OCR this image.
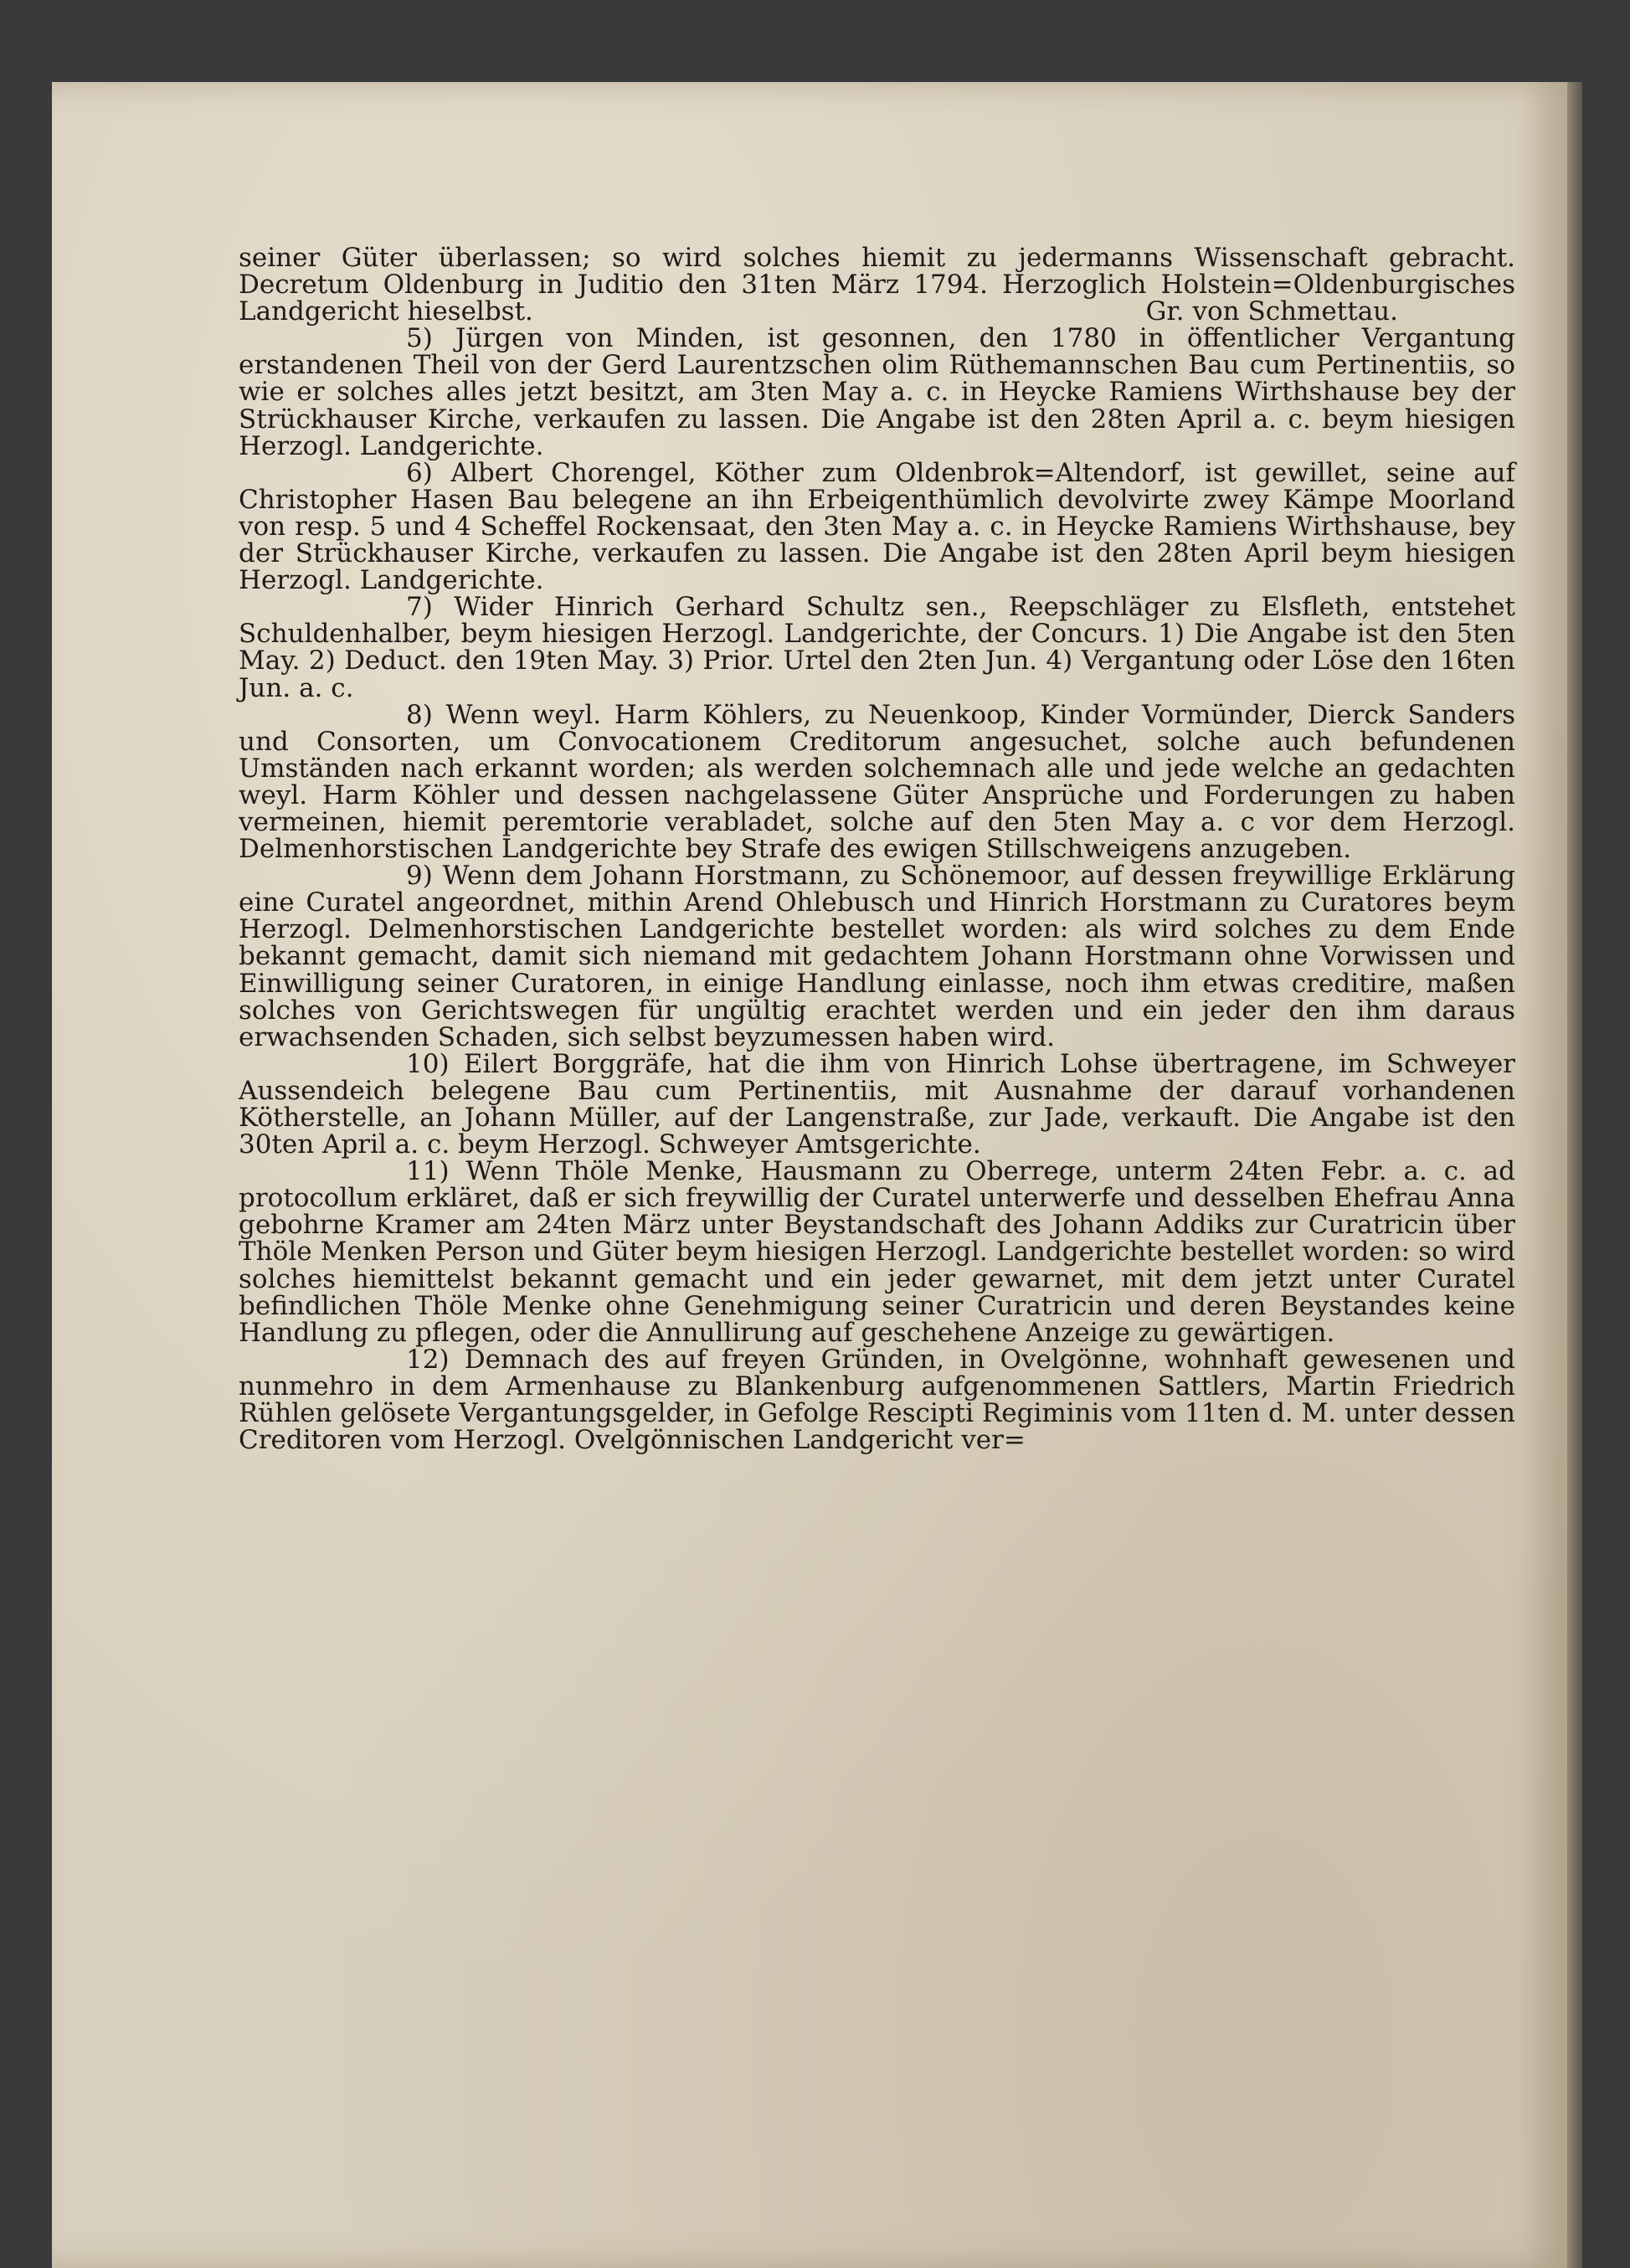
seiner Güter überlassen; so wird solches hiemit zu jedermanns Wissenschaft gebracht. Decretum Oldenburg in Juditio den 31ten März 1794. Herzoglich Holstein=Oldenburgisches Landgericht hieselbst.	Gr. von Schmettau.

5) Jürgen von Minden, ist gesonnen, den 1780 in öffentlicher Vergantung erstandenen Theil von der Gerd Laurentzschen olim Rüthemannschen Bau cum Pertinentiis, so wie er solches alles jetzt besitzt, am 3ten May a. c. in Heycke Ramiens Wirthshause bey der Strückhauser Kirche, verkaufen zu lassen. Die Angabe ist den 28ten April a. c. beym hiesigen Herzogl. Landgerichte.

6) Albert Chorengel, Köther zum Oldenbrok=Altendorf, ist gewillet, seine auf Christopher Hasen Bau belegene an ihn Erbeigenthümlich devolvirte zwey Kämpe Moorland von resp. 5 und 4 Scheffel Rockensaat, den 3ten May a. c. in Heycke Ramiens Wirthshause, bey der Strückhauser Kirche, verkaufen zu lassen. Die Angabe ist den 28ten April beym hiesigen Herzogl. Landgerichte.

7) Wider Hinrich Gerhard Schultz sen., Reepschläger zu Elsfleth, entstehet Schuldenhalber, beym hiesigen Herzogl. Landgerichte, der Concurs. 1) Die Angabe ist den 5ten May. 2) Deduct. den 19ten May. 3) Prior. Urtel den 2ten Jun. 4) Vergantung oder Löse den 16ten Jun. a. c.

8) Wenn weyl. Harm Köhlers, zu Neuenkoop, Kinder Vormünder, Dierck Sanders und Consorten, um Convocationem Creditorum angesuchet, solche auch befundenen Umständen nach erkannt worden; als werden solchemnach alle und jede welche an gedachten weyl. Harm Köhler und dessen nachgelassene Güter Ansprüche und Forderungen zu haben vermeinen, hiemit peremtorie verabladet, solche auf den 5ten May a. c vor dem Herzogl. Delmenhorstischen Landgerichte bey Strafe des ewigen Stillschweigens anzugeben.

9) Wenn dem Johann Horstmann, zu Schönemoor, auf dessen freywillige Erklärung eine Curatel angeordnet, mithin Arend Ohlebusch und Hinrich Horstmann zu Curatores beym Herzogl. Delmenhorstischen Landgerichte bestellet worden: als wird solches zu dem Ende bekannt gemacht, damit sich niemand mit gedachtem Johann Horstmann ohne Vorwissen und Einwilligung seiner Curatoren, in einige Handlung einlasse, noch ihm etwas creditire, maßen solches von Gerichtswegen für ungültig erachtet werden und ein jeder den ihm daraus erwachsenden Schaden, sich selbst beyzumessen haben wird.

10) Eilert Borggräfe, hat die ihm von Hinrich Lohse übertragene, im Schweyer Aussendeich belegene Bau cum Pertinentiis, mit Ausnahme der darauf vorhandenen Kötherstelle, an Johann Müller, auf der Langenstraße, zur Jade, verkauft. Die Angabe ist den 30ten April a. c. beym Herzogl. Schweyer Amtsgerichte.

11) Wenn Thöle Menke, Hausmann zu Oberrege, unterm 24ten Febr. a. c. ad protocollum erkläret, daß er sich freywillig der Curatel unterwerfe und desselben Ehefrau Anna gebohrne Kramer am 24ten März unter Beystandschaft des Johann Addiks zur Curatricin über Thöle Menken Person und Güter beym hiesigen Herzogl. Landgerichte bestellet worden: so wird solches hiemittelst bekannt gemacht und ein jeder gewarnet, mit dem jetzt unter Curatel befindlichen Thöle Menke ohne Genehmigung seiner Curatricin und deren Beystandes keine Handlung zu pflegen, oder die Annullirung auf geschehene Anzeige zu gewärtigen.

12) Demnach des auf freyen Gründen, in Ovelgönne, wohnhaft gewesenen und nunmehro in dem Armenhause zu Blankenburg aufgenommenen Sattlers, Martin Friedrich Rühlen gelösete Vergantungsgelder, in Gefolge Rescipti Regiminis vom 11ten d. M. unter dessen Creditoren vom Herzogl. Ovelgönnischen Landgericht ver=
